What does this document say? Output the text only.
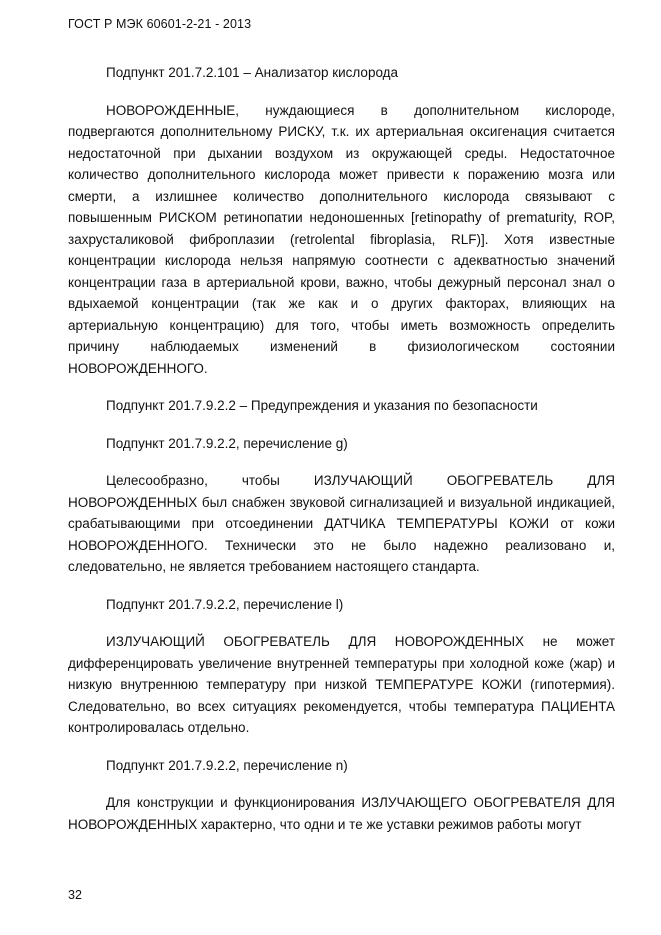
ГОСТ Р МЭК 60601-2-21 - 2013

Подпункт 201.7.2.101 – Анализатор кислорода

НОВОРОЖДЕННЫЕ, нуждающиеся в дополнительном кислороде, подвергаются дополнительному РИСКУ, т.к. их артериальная оксигенация считается недостаточной при дыхании воздухом из окружающей среды. Недостаточное количество дополнительного кислорода может привести к поражению мозга или смерти, а излишнее количество дополнительного кислорода связывают с повышенным РИСКОМ ретинопатии недоношенных [retinopathy of prematurity, ROP, захрусталиковой фиброплазии (retrolental fibroplasia, RLF)]. Хотя известные концентрации кислорода нельзя напрямую соотнести с адекватностью значений концентрации газа в артериальной крови, важно, чтобы дежурный персонал знал о вдыхаемой концентрации (так же как и о других факторах, влияющих на артериальную концентрацию) для того, чтобы иметь возможность определить причину наблюдаемых изменений в физиологическом состоянии НОВОРОЖДЕННОГО.

Подпункт 201.7.9.2.2 – Предупреждения и указания по безопасности

Подпункт 201.7.9.2.2, перечисление g)

Целесообразно, чтобы ИЗЛУЧАЮЩИЙ ОБОГРЕВАТЕЛЬ ДЛЯ НОВОРОЖДЕННЫХ был снабжен звуковой сигнализацией и визуальной индикацией, срабатывающими при отсоединении ДАТЧИКА ТЕМПЕРАТУРЫ КОЖИ от кожи НОВОРОЖДЕННОГО. Технически это не было надежно реализовано и, следовательно, не является требованием настоящего стандарта.

Подпункт 201.7.9.2.2, перечисление l)

ИЗЛУЧАЮЩИЙ ОБОГРЕВАТЕЛЬ ДЛЯ НОВОРОЖДЕННЫХ не может дифференцировать увеличение внутренней температуры при холодной коже (жар) и низкую внутреннюю температуру при низкой ТЕМПЕРАТУРЕ КОЖИ (гипотермия). Следовательно, во всех ситуациях рекомендуется, чтобы температура ПАЦИЕНТА контролировалась отдельно.

Подпункт 201.7.9.2.2, перечисление n)

Для конструкции и функционирования ИЗЛУЧАЮЩЕГО ОБОГРЕВАТЕЛЯ ДЛЯ НОВОРОЖДЕННЫХ характерно, что одни и те же уставки режимов работы могут

32
